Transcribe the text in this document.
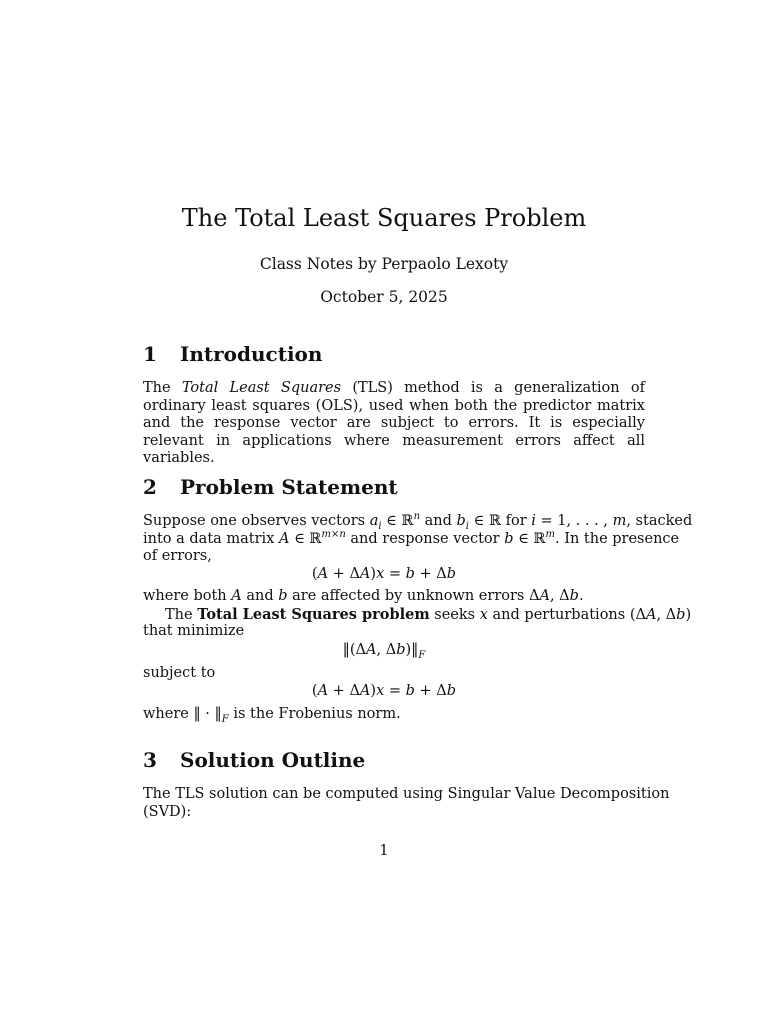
The Total Least Squares Problem
Class Notes by Perpaolo Lexoty
October 5, 2025
1 Introduction
The Total Least Squares (TLS) method is a generalization of ordinary least squares (OLS), used when both the predictor matrix and the response vector are subject to errors. It is especially relevant in applications where measurement errors affect all variables.
2 Problem Statement
Suppose one observes vectors $a_i$ ∈ ℝ$^n$ and $b_i$ ∈ ℝ for i = 1, . . . , m, stacked
into a data matrix A ∈ ℝ$^{m\times n}$ and response vector b ∈ ℝ$^m$. In the presence
of errors,
(A + ΔA)x = b + Δb
where both A and b are affected by unknown errors ΔA, Δb.
The Total Least Squares problem seeks x and perturbations (ΔA, Δb)
that minimize
‖(ΔA, $\Delta b)‖_F$
subject to
(A + ΔA)x = b + Δb
where ‖ · $‖_F$ is the Frobenius norm.
3 Solution Outline
The TLS solution can be computed using Singular Value Decomposition
(SVD):
1
